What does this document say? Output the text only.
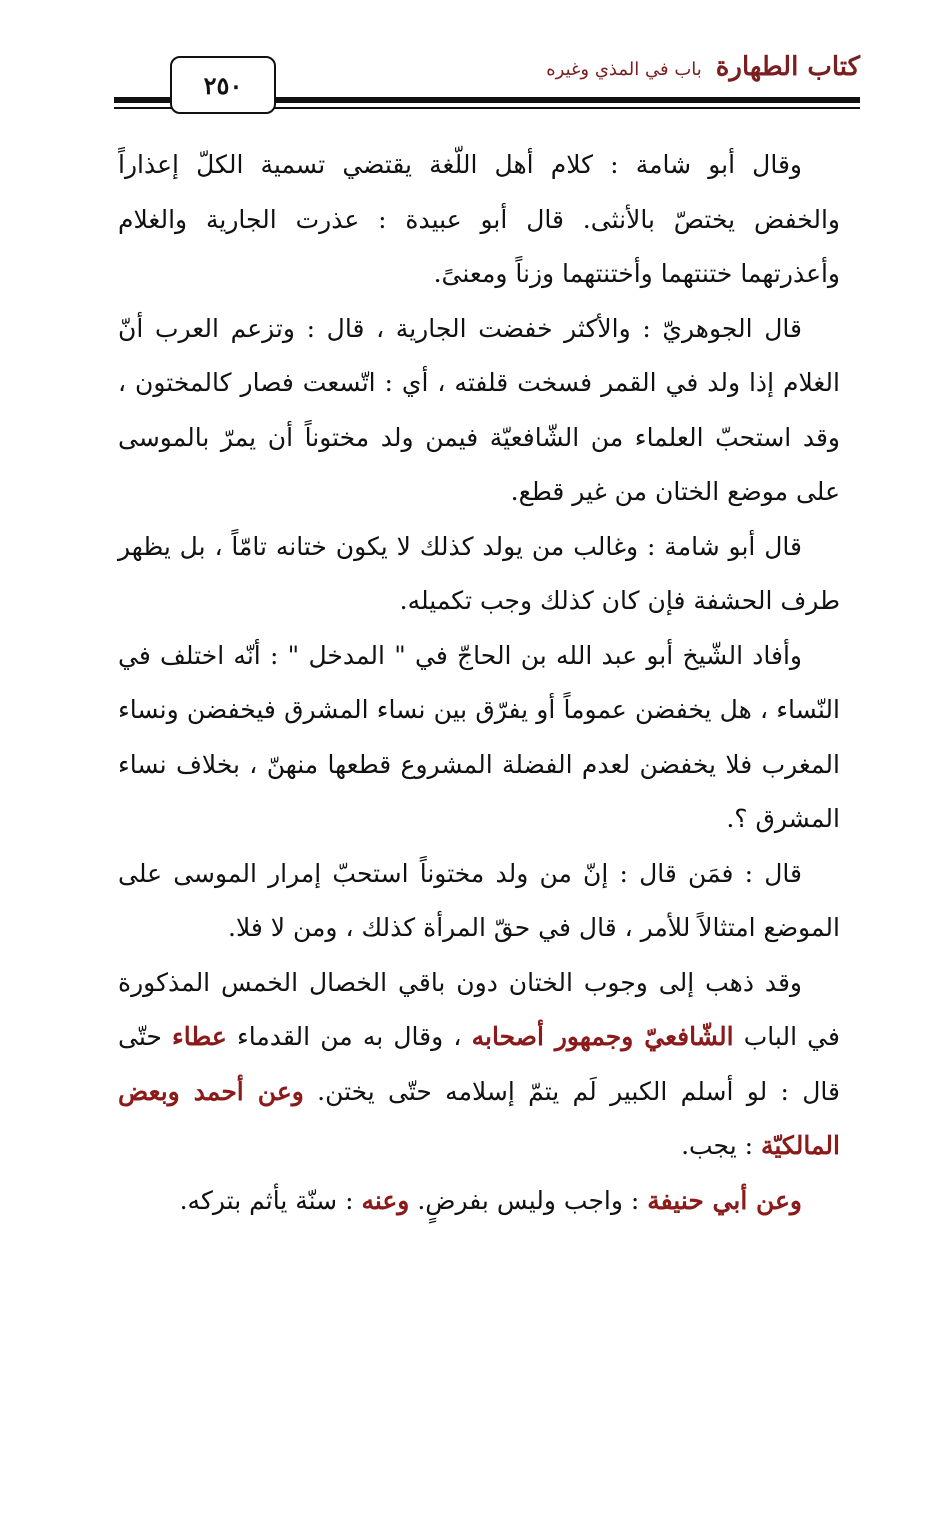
كتاب الطهارة
باب في المذي وغيره
٢٥٠

وقال أبو شامة : كلام أهل اللّغة يقتضي تسمية الكلّ إعذاراً والخفض يختصّ بالأنثى. قال أبو عبيدة : عذرت الجارية والغلام وأعذرتهما ختنتهما وأختنتهما وزناً ومعنىً.

قال الجوهريّ : والأكثر خفضت الجارية ، قال : وتزعم العرب أنّ الغلام إذا ولد في القمر فسخت قلفته ، أي : اتّسعت فصار كالمختون ، وقد استحبّ العلماء من الشّافعيّة فيمن ولد مختوناً أن يمرّ بالموسى على موضع الختان من غير قطع.

قال أبو شامة : وغالب من يولد كذلك لا يكون ختانه تامّاً ، بل يظهر طرف الحشفة فإن كان كذلك وجب تكميله.

وأفاد الشّيخ أبو عبد الله بن الحاجّ في " المدخل " : أنّه اختلف في النّساء ، هل يخفضن عموماً أو يفرّق بين نساء المشرق فيخفضن ونساء المغرب فلا يخفضن لعدم الفضلة المشروع قطعها منهنّ ، بخلاف نساء المشرق ؟.

قال : فمَن قال : إنّ من ولد مختوناً استحبّ إمرار الموسى على الموضع امتثالاً للأمر ، قال في حقّ المرأة كذلك ، ومن لا فلا.

وقد ذهب إلى وجوب الختان دون باقي الخصال الخمس المذكورة في الباب الشّافعيّ وجمهور أصحابه ، وقال به من القدماء عطاء حتّى قال : لو أسلم الكبير لَم يتمّ إسلامه حتّى يختن. وعن أحمد وبعض المالكيّة : يجب.

وعن أبي حنيفة : واجب وليس بفرضٍ. وعنه : سنّة يأثم بتركه.
